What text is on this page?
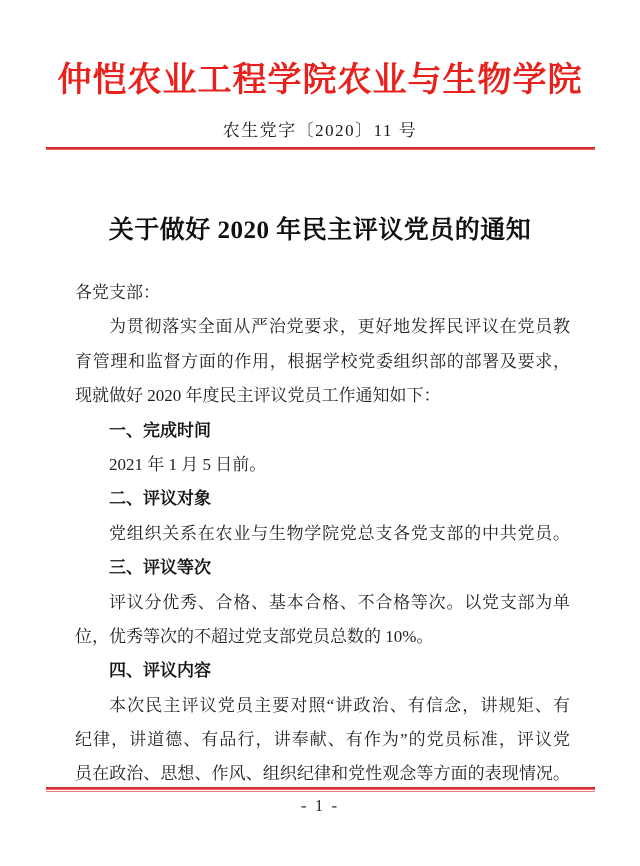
仲恺农业工程学院农业与生物学院
农生党字〔2020〕11 号
关于做好 2020 年民主评议党员的通知
各党支部：
为贯彻落实全面从严治党要求，更好地发挥民评议在党员教
育管理和监督方面的作用，根据学校党委组织部的部署及要求，
现就做好 2020 年度民主评议党员工作通知如下：
一、完成时间
2021 年 1 月 5 日前。
二、评议对象
党组织关系在农业与生物学院党总支各党支部的中共党员。
三、评议等次
评议分优秀、合格、基本合格、不合格等次。以党支部为单
位，优秀等次的不超过党支部党员总数的 10%。
四、评议内容
本次民主评议党员主要对照“讲政治、有信念，讲规矩、有
纪律，讲道德、有品行，讲奉献、有作为”的党员标准，评议党
员在政治、思想、作风、组织纪律和党性观念等方面的表现情况。
- 1 -
